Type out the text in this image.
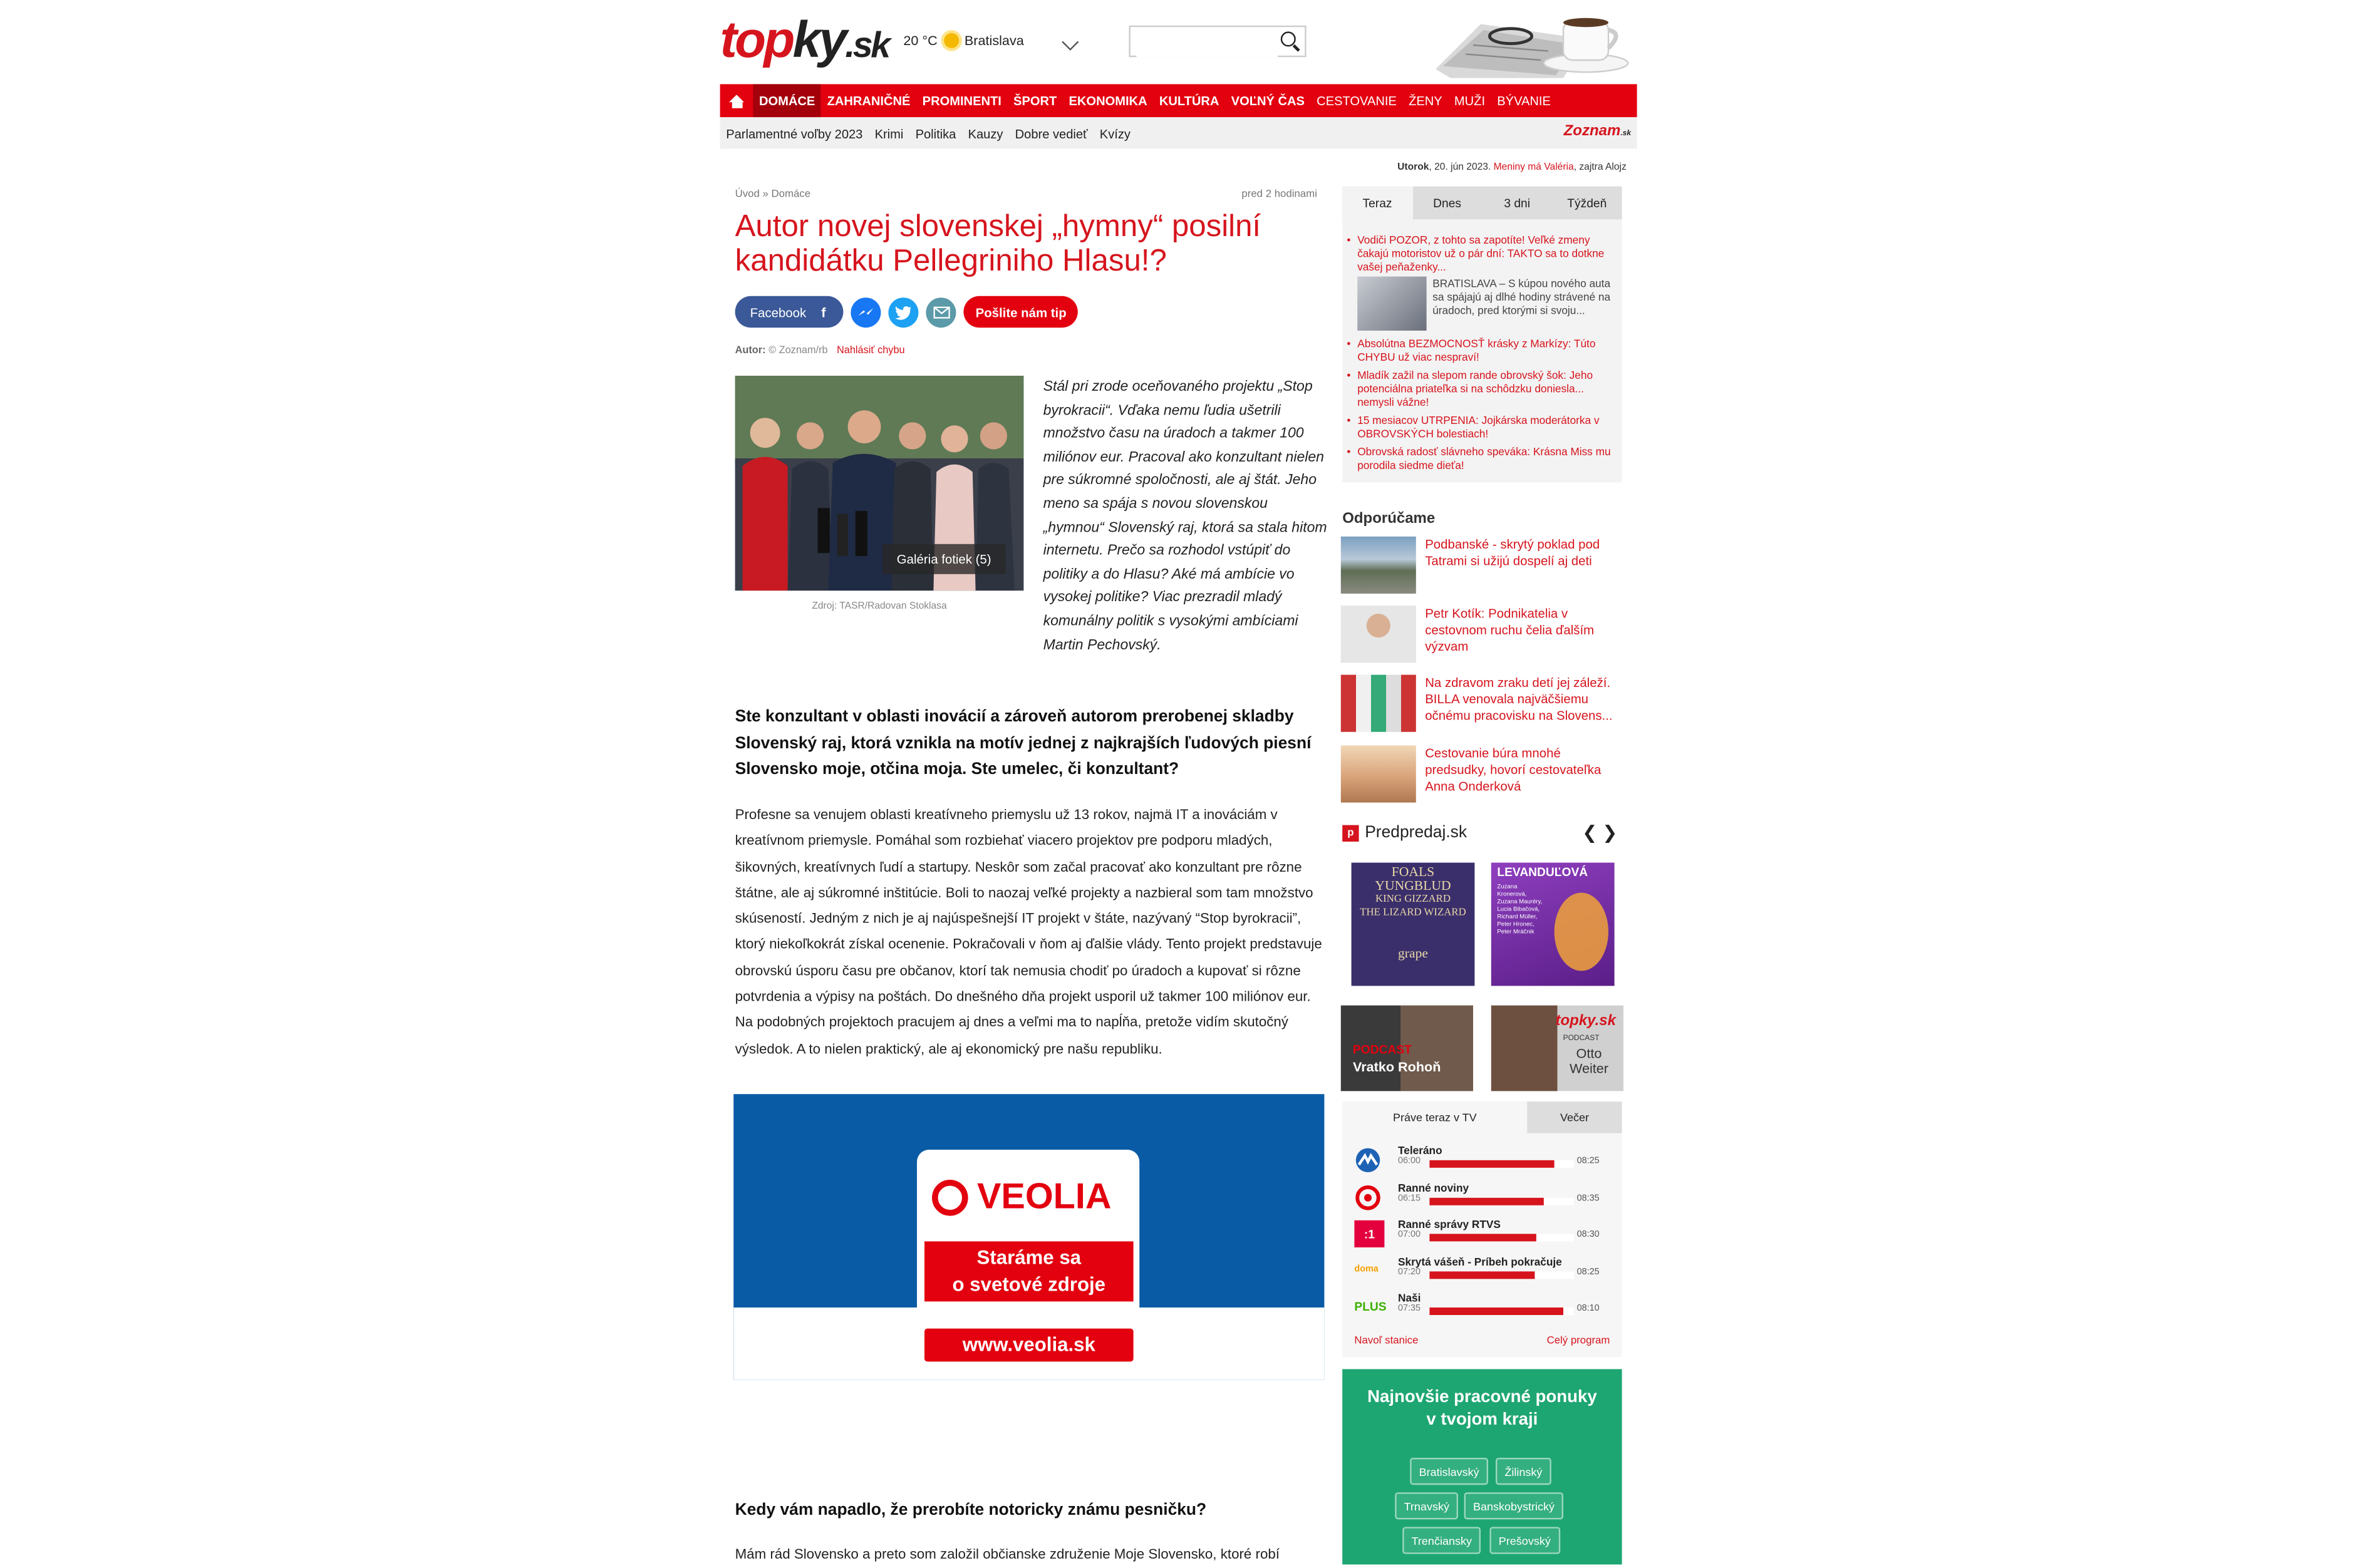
topky.sk	20 °C	Bratislava
DOMÁCE	ZAHRANIČNÉ	PROMINENTI	ŠPORT	EKONOMIKA	KULTÚRA	VOĽNÝ ČAS	CESTOVANIE	ŽENY	MUŽI	BÝVANIE
Parlamentné voľby 2023	Krimi	Politika	Kauzy	Dobre vedieť	Kvízy	Zoznam.sk
Utorok, 20. jún 2023. Meniny má Valéria, zajtra Alojz
Úvod » Domáce	pred 2 hodinami
Autor novej slovenskej „hymny“ posilní kandidátku Pellegriniho Hlasu!?
Facebook	f	Pošlite nám tip
Autor: © Zoznam/rb Nahlásiť chybu
Stál pri zrode oceňovaného projektu „Stop byrokracii“. Vďaka nemu ľudia ušetrili množstvo času na úradoch a takmer 100 miliónov eur. Pracoval ako konzultant nielen pre súkromné spoločnosti, ale aj štát. Jeho meno sa spája s novou slovenskou „hymnou“ Slovenský raj, ktorá sa stala hitom internetu. Prečo sa rozhodol vstúpiť do politiky a do Hlasu? Aké má ambície vo vysokej politike? Viac prezradil mladý komunálny politik s vysokými ambíciami Martin Pechovský.
Galéria fotiek (5)
Zdroj: TASR/Radovan Stoklasa

Ste konzultant v oblasti inovácií a zároveň autorom prerobenej skladby Slovenský raj, ktorá vznikla na motív jednej z najkrajších ľudových piesní Slovensko moje, otčina moja. Ste umelec, či konzultant?

Profesne sa venujem oblasti kreatívneho priemyslu už 13 rokov, najmä IT a inováciám v kreatívnom priemysle. Pomáhal som rozbiehať viacero projektov pre podporu mladých, šikovných, kreatívnych ľudí a startupy. Neskôr som začal pracovať ako konzultant pre rôzne štátne, ale aj súkromné inštitúcie. Boli to naozaj veľké projekty a nazbieral som tam množstvo skúseností. Jedným z nich je aj najúspešnejší IT projekt v štáte, nazývaný “Stop byrokracii”, ktorý niekoľkokrát získal ocenenie. Pokračovali v ňom aj ďalšie vlády. Tento projekt predstavuje obrovskú úsporu času pre občanov, ktorí tak nemusia chodiť po úradoch a kupovať si rôzne potvrdenia a výpisy na poštách. Do dnešného dňa projekt usporil už takmer 100 miliónov eur. Na podobných projektoch pracujem aj dnes a veľmi ma to napĺňa, pretože vidím skutočný výsledok. A to nielen praktický, ale aj ekonomický pre našu republiku.

VEOLIA
Staráme sa
o svetové zdroje
www.veolia.sk

Kedy vám napadlo, že prerobíte notoricky známu pesničku?

Mám rád Slovensko a preto som založil občianske združenie Moje Slovensko, ktoré robí

Teraz	Dnes	3 dni	Týždeň
• Vodiči POZOR, z tohto sa zapotíte! Veľké zmeny čakajú motoristov už o pár dní: TAKTO sa to dotkne vašej peňaženky...
BRATISLAVA – S kúpou nového auta sa spájajú aj dlhé hodiny strávené na úradoch, pred ktorými si svoju...
• Absolútna BEZMOCNOSŤ krásky z Markízy: Túto CHYBU už viac nespraví!
• Mladík zažil na slepom rande obrovský šok: Jeho potenciálna priateľka si na schôdzku doniesla... nemysli vážne!
• 15 mesiacov UTRPENIA: Jojkárska moderátorka v OBROVSKÝCH bolestiach!
• Obrovská radosť slávneho speváka: Krásna Miss mu porodila siedme dieťa!
Odporúčame
Podbanské - skrytý poklad pod Tatrami si užijú dospelí aj deti
Petr Kotík: Podnikatelia v cestovnom ruchu čelia ďalším výzvam
Na zdravom zraku detí jej záleží. BILLA venovala najväčšiemu očnému pracovisku na Slovens...
Cestovanie búra mnohé predsudky, hovorí cestovateľka Anna Onderková
p	Predpredaj.sk	❮ ❯
FOALS
YUNGBLUD
KING GIZZARD
THE LIZARD WIZARD
grape
LEVANDUĽOVÁ
Zuzana Kronerová, Zuzana Mauréry, Lucia Bibačová, Richard Müller, Peter Hronec, Peter Mráčnik
PODCAST
Vratko Rohoň
topky.sk
PODCAST
Otto
Weiter
Práve teraz v TV	Večer
Teleráno
06:00	08:25
Ranné noviny
06:15	08:35
:1
Ranné správy RTVS
07:00	08:30
doma
Skrytá vášeň - Príbeh pokračuje
07:20	08:25
PLUS
Naši
07:35	08:10
Navoľ stanice	Celý program
Najnovšie pracovné ponuky
v tvojom kraji
Bratislavský	Žilinský
Trnavský	Banskobystrický
Trenčiansky	Prešovský
